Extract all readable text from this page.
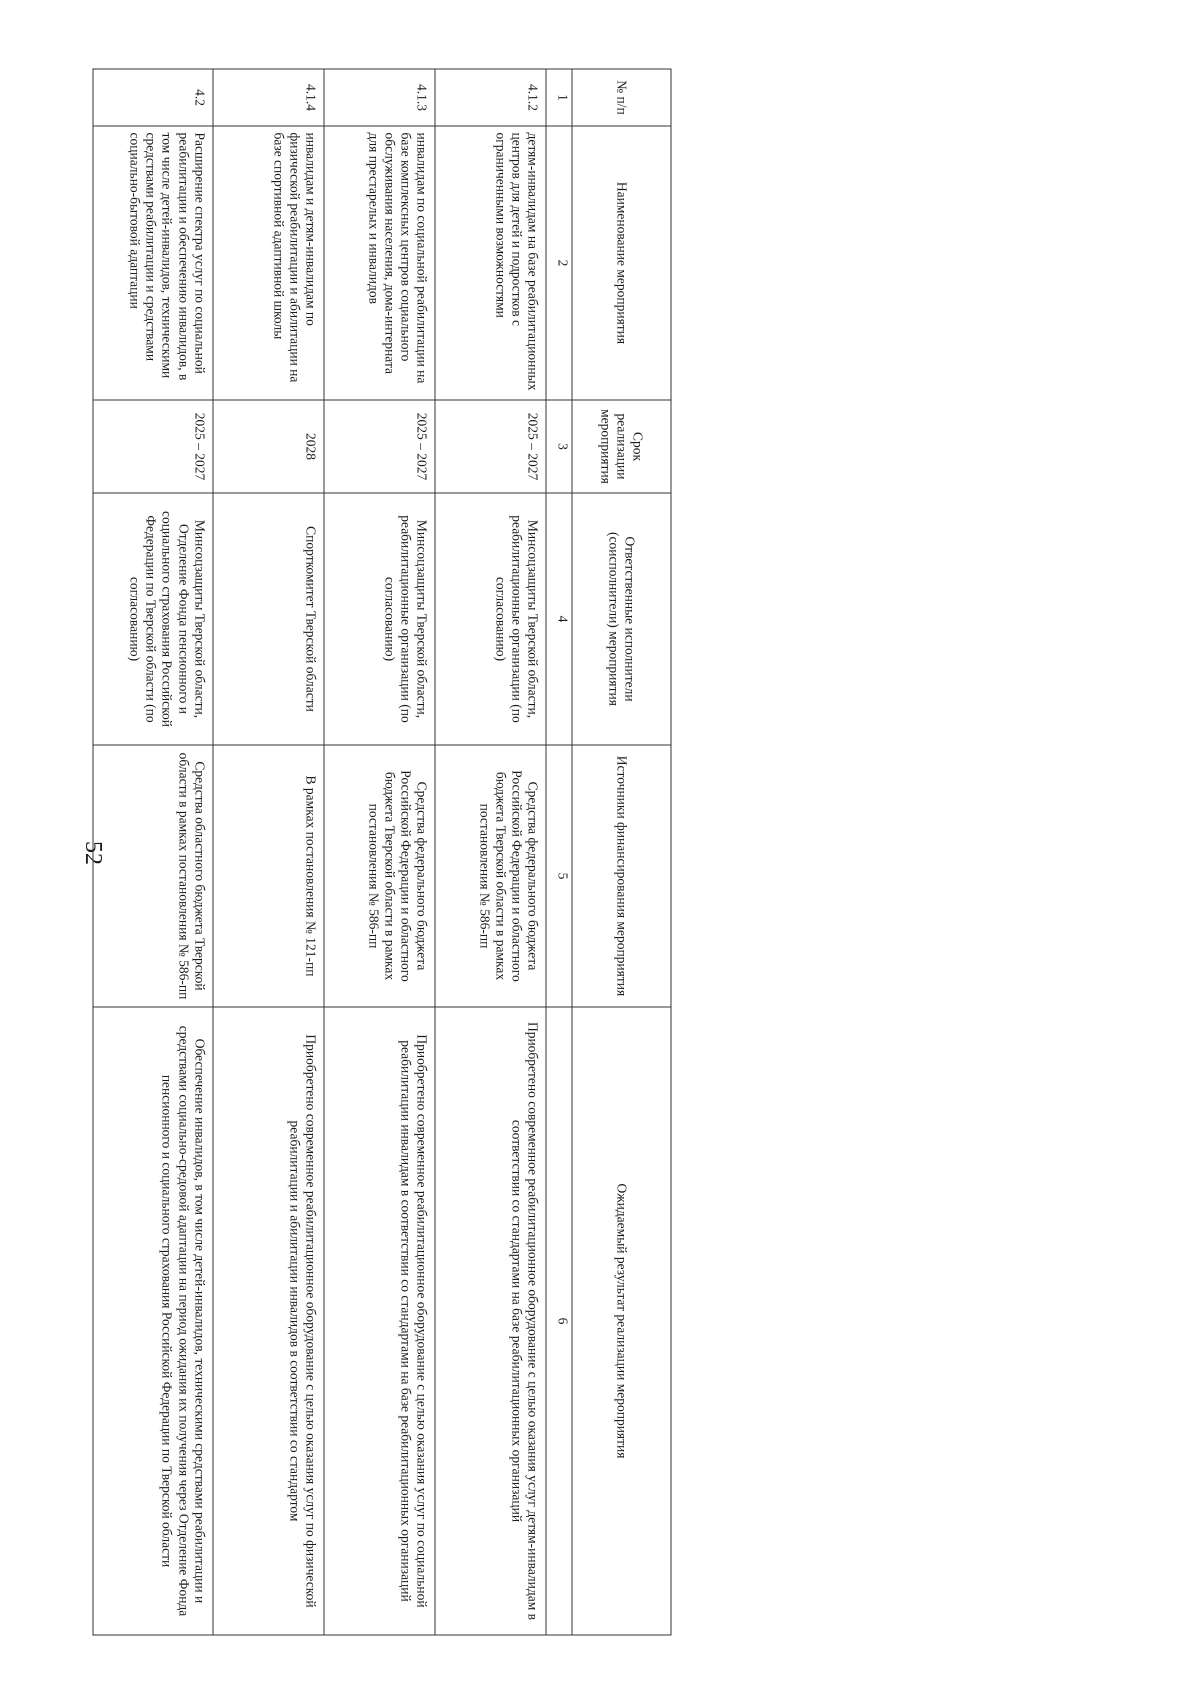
52
№ п/п	Наименование мероприятия	Срок реализации мероприятия	Ответственные исполнители (соисполнители) мероприятия	Источники финансирования мероприятия	Ожидаемый результат реализации мероприятия
1	2	3	4	5	6
4.1.2	детям-инвалидам на базе реабилитационных центров для детей и подростков с ограниченными возможностями	2025 – 2027	Минсоцзащиты Тверской области, реабилитационные организации (по согласованию)	Средства федерального бюджета Российской Федерации и областного бюджета Тверской области в рамках постановления № 586-пп	Приобретено современное реабилитационное оборудование с целью оказания услуг детям-инвалидам в соответствии со стандартами на базе реабилитационных организаций
4.1.3	инвалидам по социальной реабилитации на базе комплексных центров социального обслуживания населения, дома-интерната для престарелых и инвалидов	2025 – 2027	Минсоцзащиты Тверской области, реабилитационные организации (по согласованию)	Средства федерального бюджета Российской Федерации и областного бюджета Тверской области в рамках постановления № 586-пп	Приобретено современное реабилитационное оборудование с целью оказания услуг по социальной реабилитации инвалидам в соответствии со стандартами на базе реабилитационных организаций
4.1.4	инвалидам и детям-инвалидам по физической реабилитации и абилитации на базе спортивной адаптивной школы	2028	Спорткомитет Тверской области	В рамках постановления № 121-пп	Приобретено современное реабилитационное оборудование с целью оказания услуг по физической реабилитации и абилитации инвалидов в соответствии со стандартом
4.2	Расширение спектра услуг по социальной реабилитации и обеспечению инвалидов, в том числе детей-инвалидов, техническими средствами реабилитации и средствами социально-бытовой адаптации	2025 – 2027	Минсоцзащиты Тверской области, Отделение Фонда пенсионного и социального страхования Российской Федерации по Тверской области (по согласованию)	Средства областного бюджета Тверской области в рамках постановления № 586-пп	Обеспечение инвалидов, в том числе детей-инвалидов, техническими средствами реабилитации и средствами социально-средовой адаптации на период ожидания их получения через Отделение Фонда пенсионного и социального страхования Российской Федерации по Тверской области
